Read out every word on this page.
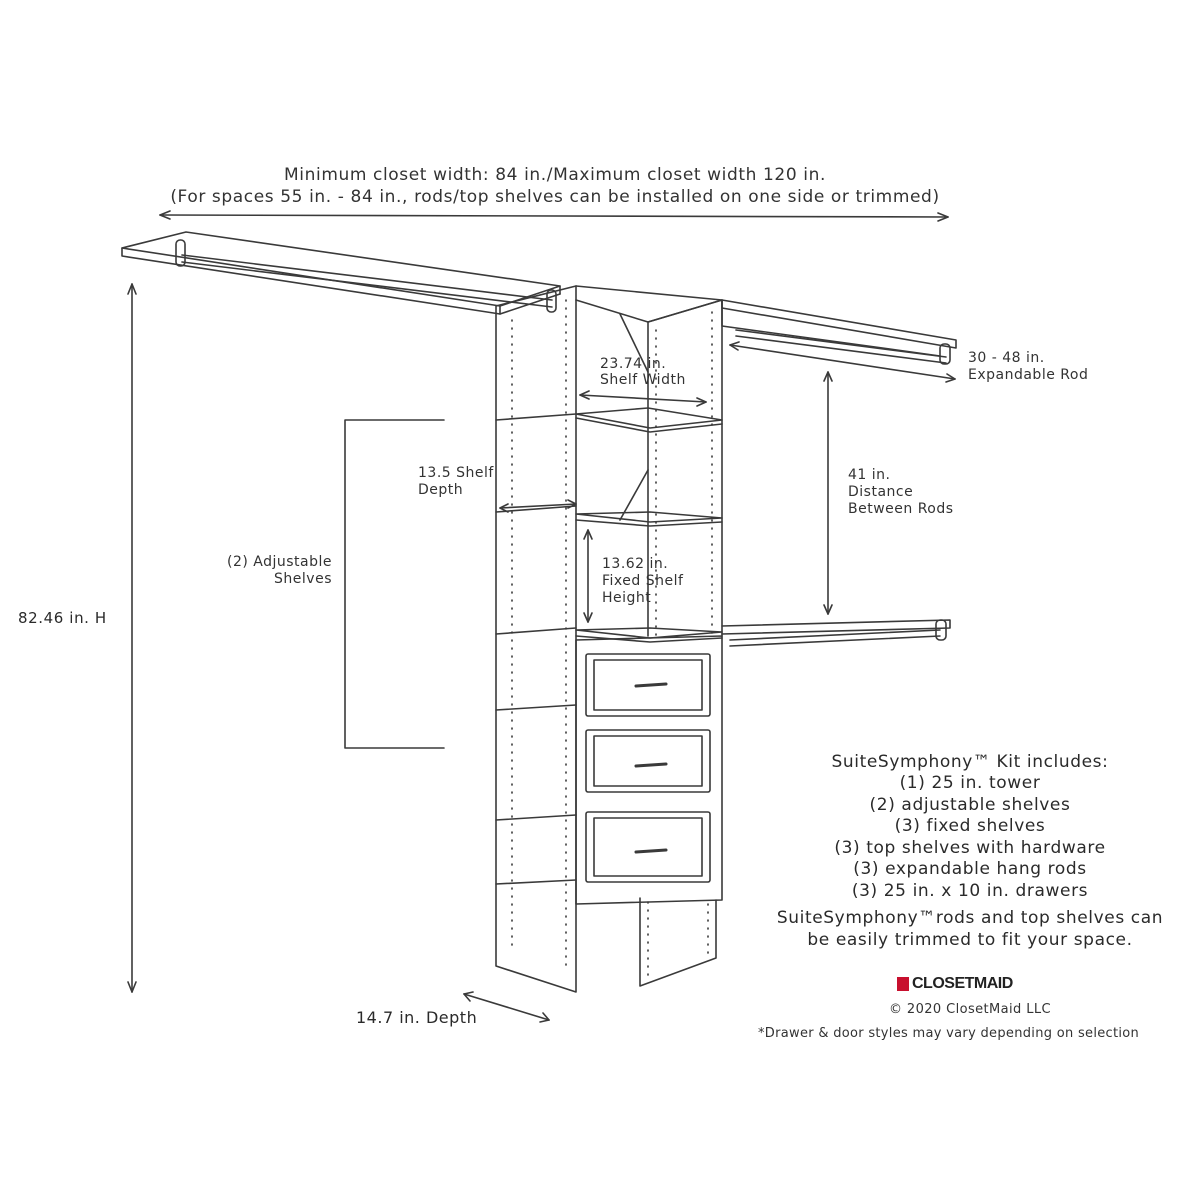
Minimum closet width: 84 in./Maximum closet width 120 in.
(For spaces 55 in. - 84 in., rods/top shelves can be installed on one side or trimmed)
82.46 in. H
14.7 in. Depth
23.74 in.
Shelf Width
13.5 Shelf
Depth
(2) Adjustable
Shelves
13.62 in.
Fixed Shelf
Height
30 - 48 in.
Expandable Rod
41 in.
Distance
Between Rods
SuiteSymphony™ Kit includes:
(1) 25 in. tower
(2) adjustable shelves
(3) fixed shelves
(3) top shelves with hardware
(3) expandable hang rods
(3) 25 in. x 10 in. drawers
SuiteSymphony™rods and top shelves can
be easily trimmed to fit your space.
CLOSETMAID
© 2020 ClosetMaid LLC
*Drawer & door styles may vary depending on selection
